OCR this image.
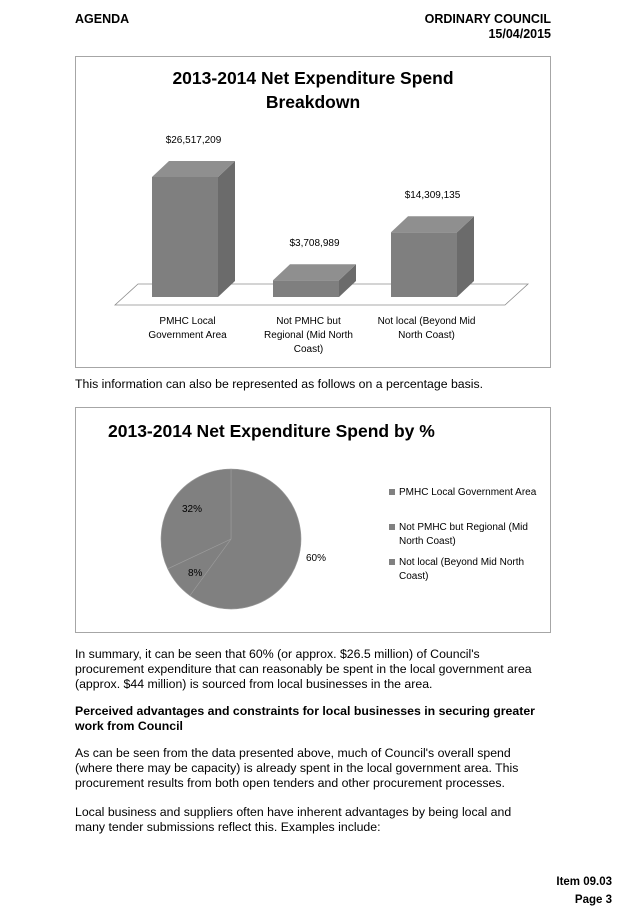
AGENDA	ORDINARY COUNCIL
15/04/2015
2013-2014 Net Expenditure Spend
Breakdown
$26,517,209
$3,708,989
$14,309,135
PMHC Local Government Area
Not PMHC but Regional (Mid North Coast)
Not local (Beyond Mid North Coast)
This information can also be represented as follows on a percentage basis.
2013-2014 Net Expenditure Spend by %
60%
8%
32%
PMHC Local Government Area
Not PMHC but Regional (Mid North Coast)
Not local (Beyond Mid North Coast)
In summary, it can be seen that 60% (or approx. $26.5 million) of Council's
procurement expenditure that can reasonably be spent in the local government area
(approx. $44 million) is sourced from local businesses in the area.
Perceived advantages and constraints for local businesses in securing greater
work from Council
As can be seen from the data presented above, much of Council's overall spend
(where there may be capacity) is already spent in the local government area. This
procurement results from both open tenders and other procurement processes.
Local business and suppliers often have inherent advantages by being local and
many tender submissions reflect this. Examples include:
Item 09.03
Page 3
